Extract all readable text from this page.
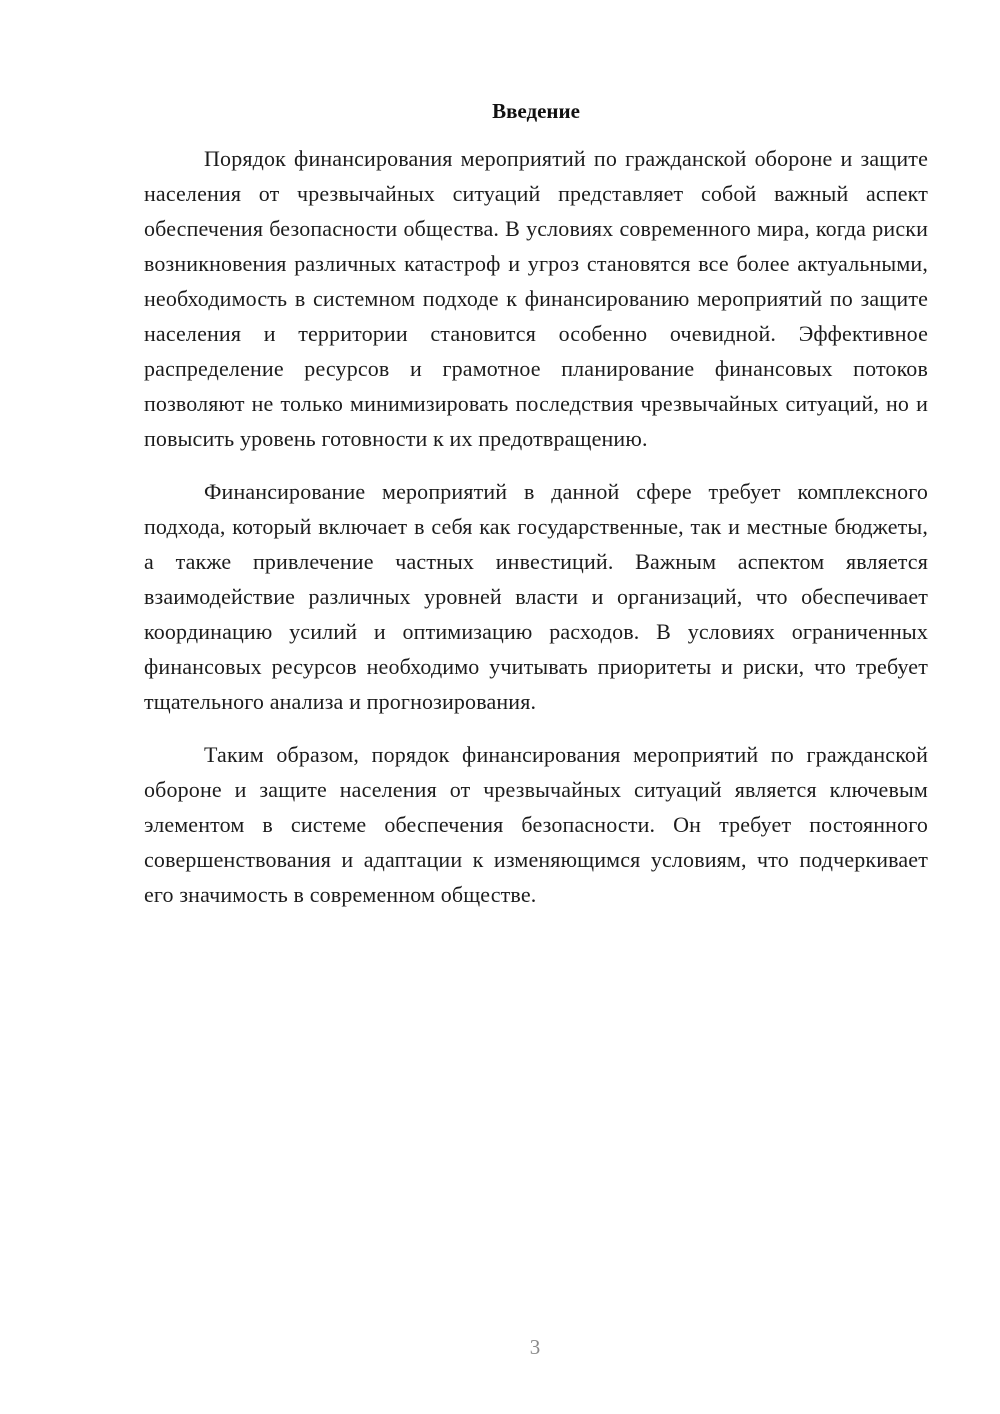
Введение

Порядок финансирования мероприятий по гражданской обороне и защите населения от чрезвычайных ситуаций представляет собой важный аспект обеспечения безопасности общества. В условиях современного мира, когда риски возникновения различных катастроф и угроз становятся все более актуальными, необходимость в системном подходе к финансированию мероприятий по защите населения и территории становится особенно очевидной. Эффективное распределение ресурсов и грамотное планирование финансовых потоков позволяют не только минимизировать последствия чрезвычайных ситуаций, но и повысить уровень готовности к их предотвращению.

Финансирование мероприятий в данной сфере требует комплексного подхода, который включает в себя как государственные, так и местные бюджеты, а также привлечение частных инвестиций. Важным аспектом является взаимодействие различных уровней власти и организаций, что обеспечивает координацию усилий и оптимизацию расходов. В условиях ограниченных финансовых ресурсов необходимо учитывать приоритеты и риски, что требует тщательного анализа и прогнозирования.

Таким образом, порядок финансирования мероприятий по гражданской обороне и защите населения от чрезвычайных ситуаций является ключевым элементом в системе обеспечения безопасности. Он требует постоянного совершенствования и адаптации к изменяющимся условиям, что подчеркивает его значимость в современном обществе.

3
